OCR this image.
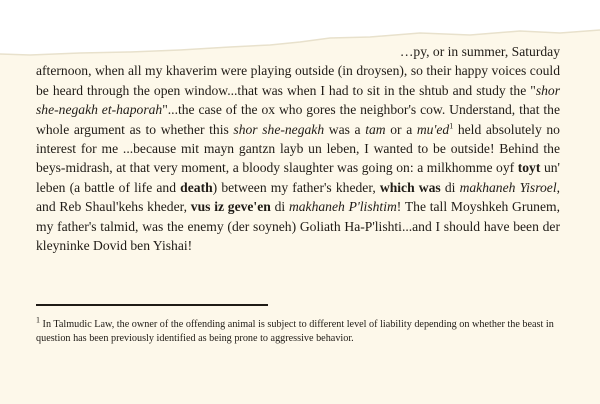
…py, or in summer, Saturday
afternoon, when all my khaverim were playing outside (in droysen), so their happy voices could be heard through the open window...that was when I had to sit in the shtub and study the "shor she-negakh et-haporah"...the case of the ox who gores the neighbor's cow. Understand, that the whole argument as to whether this shor she-negakh was a tam or a $mu'ed^1$ held absolutely no interest for me ...because mit mayn gantzn layb un leben, I wanted to be outside! Behind the beys-midrash, at that very moment, a bloody slaughter was going on: a milkhomme oyf toyt un' leben (a battle of life and death) between my father's kheder, which was di makhaneh Yisroel, and Reb Shaul'kehs kheder, vus iz geve'en di makhaneh P'lishtim! The tall Moyshkeh Grunem, my father's talmid, was the enemy (der soyneh) Goliath Ha-P'lishti...and I should have been der kleyninke Dovid ben Yishai!

$^1$ In Talmudic Law, the owner of the offending animal is subject to different level of liability depending on whether the beast in question has been previously identified as being prone to aggressive behavior.
